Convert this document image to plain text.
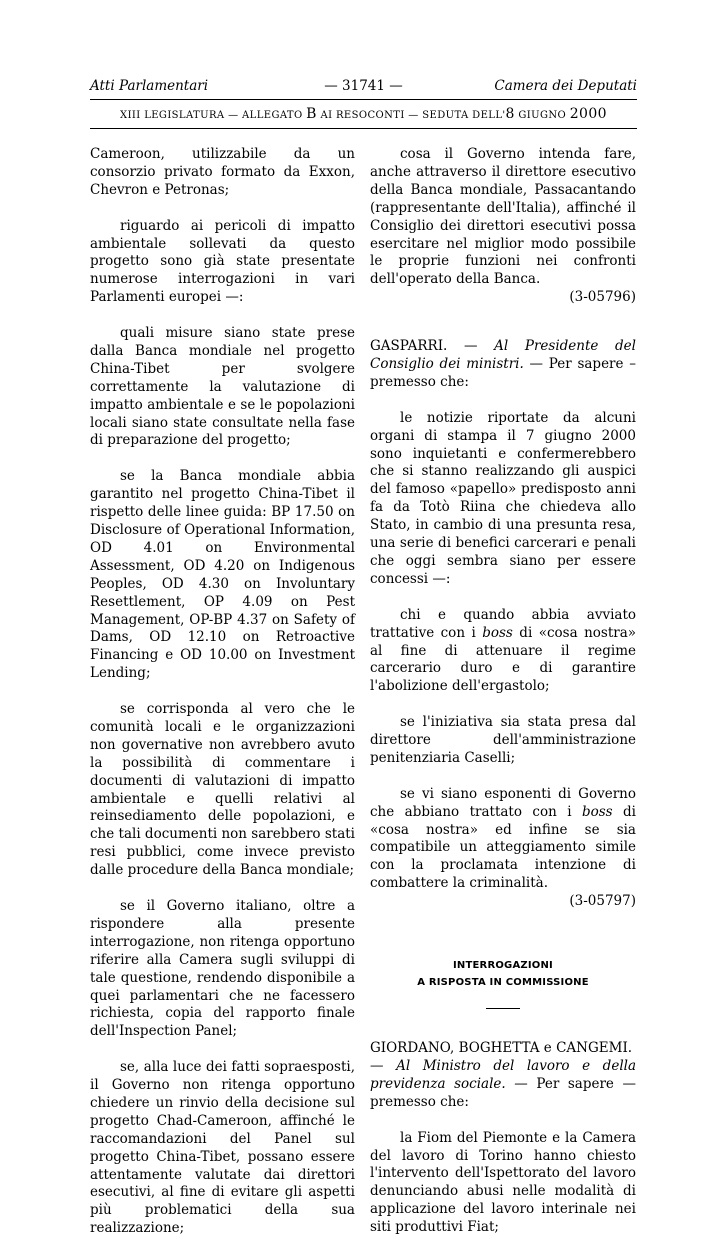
Atti Parlamentari	— 31741 —	Camera dei Deputati
XIII LEGISLATURA — ALLEGATO B AI RESOCONTI — SEDUTA DELL'8 GIUGNO 2000

Cameroon, utilizzabile da un consorzio privato formato da Exxon, Chevron e Petronas;

riguardo ai pericoli di impatto ambientale sollevati da questo progetto sono già state presentate numerose interrogazioni in vari Parlamenti europei —:

quali misure siano state prese dalla Banca mondiale nel progetto China-Tibet per svolgere correttamente la valutazione di impatto ambientale e se le popolazioni locali siano state consultate nella fase di preparazione del progetto;

se la Banca mondiale abbia garantito nel progetto China-Tibet il rispetto delle linee guida: BP 17.50 on Disclosure of Operational Information, OD 4.01 on Environmental Assessment, OD 4.20 on Indigenous Peoples, OD 4.30 on Involuntary Resettlement, OP 4.09 on Pest Management, OP-BP 4.37 on Safety of Dams, OD 12.10 on Retroactive Financing e OD 10.00 on Investment Lending;

se corrisponda al vero che le comunità locali e le organizzazioni non governative non avrebbero avuto la possibilità di commentare i documenti di valutazioni di impatto ambientale e quelli relativi al reinsediamento delle popolazioni, e che tali documenti non sarebbero stati resi pubblici, come invece previsto dalle procedure della Banca mondiale;

se il Governo italiano, oltre a rispondere alla presente interrogazione, non ritenga opportuno riferire alla Camera sugli sviluppi di tale questione, rendendo disponibile a quei parlamentari che ne facessero richiesta, copia del rapporto finale dell'Inspection Panel;

se, alla luce dei fatti sopraesposti, il Governo non ritenga opportuno chiedere un rinvio della decisione sul progetto Chad-Cameroon, affinché le raccomandazioni del Panel sul progetto China-Tibet, possano essere attentamente valutate dai direttori esecutivi, al fine di evitare gli aspetti più problematici della sua realizzazione;

cosa il Governo intenda fare, anche attraverso il direttore esecutivo della Banca mondiale, Passacantando (rappresentante dell'Italia), affinché il Consiglio dei direttori esecutivi possa esercitare nel miglior modo possibile le proprie funzioni nei confronti dell'operato della Banca.

(3-05796)

GASPARRI. — Al Presidente del Consiglio dei ministri. — Per sapere – premesso che:

le notizie riportate da alcuni organi di stampa il 7 giugno 2000 sono inquietanti e confermerebbero che si stanno realizzando gli auspici del famoso «papello» predisposto anni fa da Totò Riina che chiedeva allo Stato, in cambio di una presunta resa, una serie di benefici carcerari e penali che oggi sembra siano per essere concessi —:

chi e quando abbia avviato trattative con i boss di «cosa nostra» al fine di attenuare il regime carcerario duro e di garantire l'abolizione dell'ergastolo;

se l'iniziativa sia stata presa dal direttore dell'amministrazione penitenziaria Caselli;

se vi siano esponenti di Governo che abbiano trattato con i boss di «cosa nostra» ed infine se sia compatibile un atteggiamento simile con la proclamata intenzione di combattere la criminalità.

(3-05797)
INTERROGAZIONI
A RISPOSTA IN COMMISSIONE

GIORDANO, BOGHETTA e CANGEMI.

— Al Ministro del lavoro e della previdenza sociale. — Per sapere — premesso che:

la Fiom del Piemonte e la Camera del lavoro di Torino hanno chiesto l'intervento dell'Ispettorato del lavoro denunciando abusi nelle modalità di applicazione del lavoro interinale nei siti produttivi Fiat;
